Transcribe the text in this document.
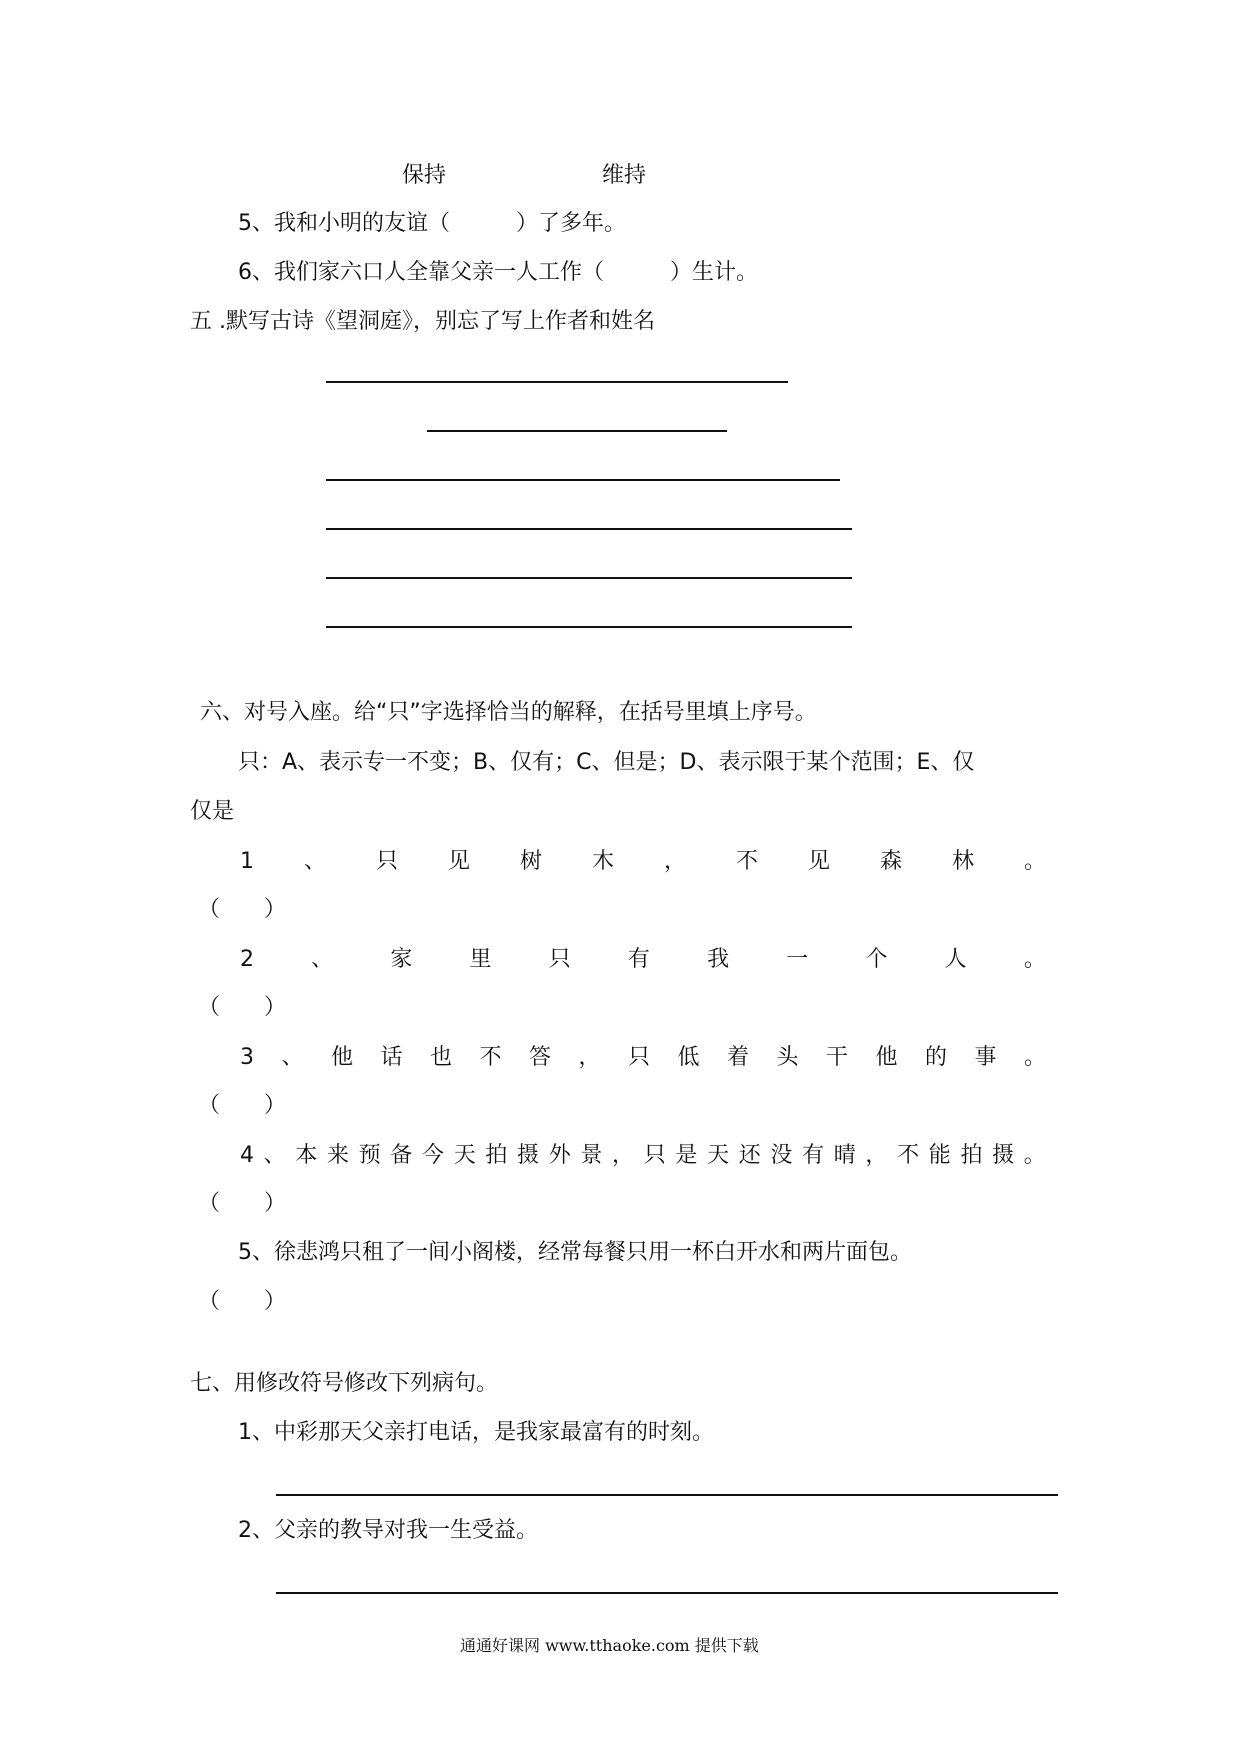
保持	维持
5、我和小明的友谊（　　　）了多年。
6、我们家六口人全靠父亲一人工作（　　　）生计。
五 .默写古诗《望洞庭》，别忘了写上作者和姓名
六、对号入座。给“只”字选择恰当的解释，在括号里填上序号。
只：A、表示专一不变；B、仅有；C、但是；D、表示限于某个范围；E、仅
仅是
1 、 只 见 树 木 ， 不 见 森 林 。
（　　）
2	、	家	里	只	有	我	一	个	人	。
（　　）
3 、 他 话 也 不 答 ， 只 低 着 头 干 他 的 事 。
（　　）
4 、 本 来 预 备 今 天 拍 摄 外 景 ， 只 是 天 还 没 有 晴 ， 不 能 拍 摄 。
（　　）
5、徐悲鸿只租了一间小阁楼，经常每餐只用一杯白开水和两片面包。
（　　）
七、用修改符号修改下列病句。
1、中彩那天父亲打电话，是我家最富有的时刻。
2、父亲的教导对我一生受益。
通通好课网 www.tthaoke.com 提供下载
